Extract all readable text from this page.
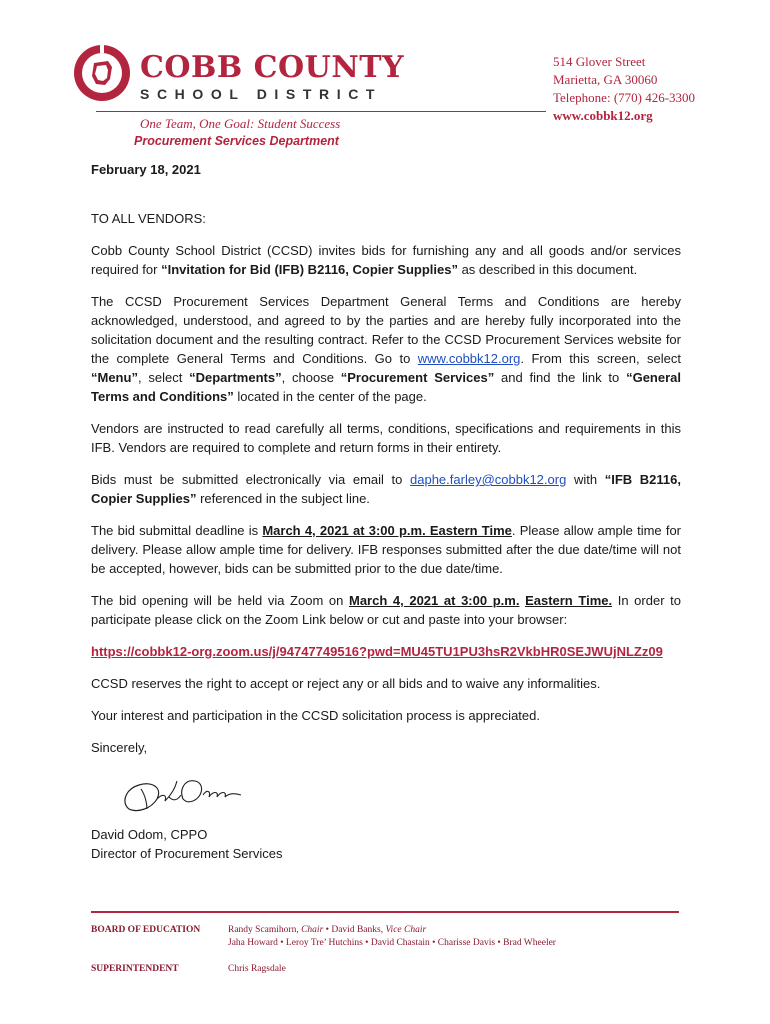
COBB COUNTY
SCHOOL DISTRICT
One Team, One Goal: Student Success
Procurement Services Department
514 Glover Street
Marietta, GA 30060
Telephone: (770) 426-3300
www.cobbk12.org

February 18, 2021

TO ALL VENDORS:

Cobb County School District (CCSD) invites bids for furnishing any and all goods and/or services required for “Invitation for Bid (IFB) B2116, Copier Supplies” as described in this document.

The CCSD Procurement Services Department General Terms and Conditions are hereby acknowledged, understood, and agreed to by the parties and are hereby fully incorporated into the solicitation document and the resulting contract. Refer to the CCSD Procurement Services website for the complete General Terms and Conditions. Go to www.cobbk12.org. From this screen, select “Menu”, select “Departments”, choose “Procurement Services” and find the link to “General Terms and Conditions” located in the center of the page.

Vendors are instructed to read carefully all terms, conditions, specifications and requirements in this IFB. Vendors are required to complete and return forms in their entirety.

Bids must be submitted electronically via email to daphe.farley@cobbk12.org with “IFB B2116, Copier Supplies” referenced in the subject line.

The bid submittal deadline is March 4, 2021 at 3:00 p.m. Eastern Time. Please allow ample time for delivery. Please allow ample time for delivery. IFB responses submitted after the due date/time will not be accepted, however, bids can be submitted prior to the due date/time.

The bid opening will be held via Zoom on March 4, 2021 at 3:00 p.m. Eastern Time. In order to participate please click on the Zoom Link below or cut and paste into your browser:

https://cobbk12-org.zoom.us/j/94747749516?pwd=MU45TU1PU3hsR2VkbHR0SEJWUjNLZz09

CCSD reserves the right to accept or reject any or all bids and to waive any informalities.

Your interest and participation in the CCSD solicitation process is appreciated.

Sincerely,

David Odom, CPPO

Director of Procurement Services

BOARD OF EDUCATION	Randy Scamihorn, Chair • David Banks, Vice Chair
Jaha Howard • Leroy Tre’ Hutchins • David Chastain • Charisse Davis • Brad Wheeler
SUPERINTENDENT	Chris Ragsdale
